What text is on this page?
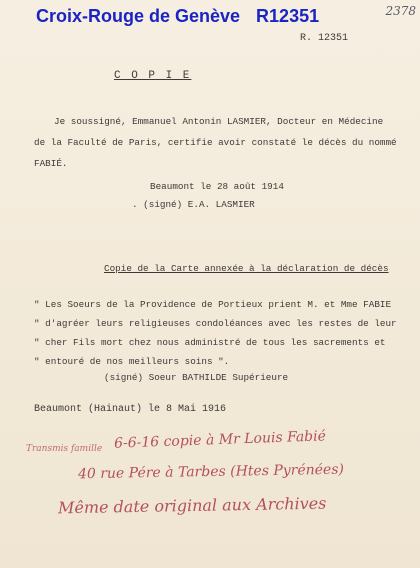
Croix-Rouge de Genève R12351	2378
R. 12351
C O P I E
Je soussigné, Emmanuel Antonin LASMIER, Docteur en Médecine
de la Faculté de Paris, certifie avoir constaté le décès du nommé
FABIÉ.
Beaumont le 28 août 1914
. (signé) E.A. LASMIER
Copie de la Carte annexée à la déclaration de décès
" Les Soeurs de la Providence de Portieux prient M. et Mme FABIE
" d'agréer leurs religieuses condoléances avec les restes de leur
" cher Fils mort chez nous administré de tous les sacrements et
" entouré de nos meilleurs soins ".
(signé) Soeur BATHILDE Supérieure
Beaumont (Hainaut) le 8 Mai 1916
Transmis famille 6-6-16 copie à Mr Louis Fabié
40 rue Pére à Tarbes (Htes Pyrénées)
Même date original aux Archives
